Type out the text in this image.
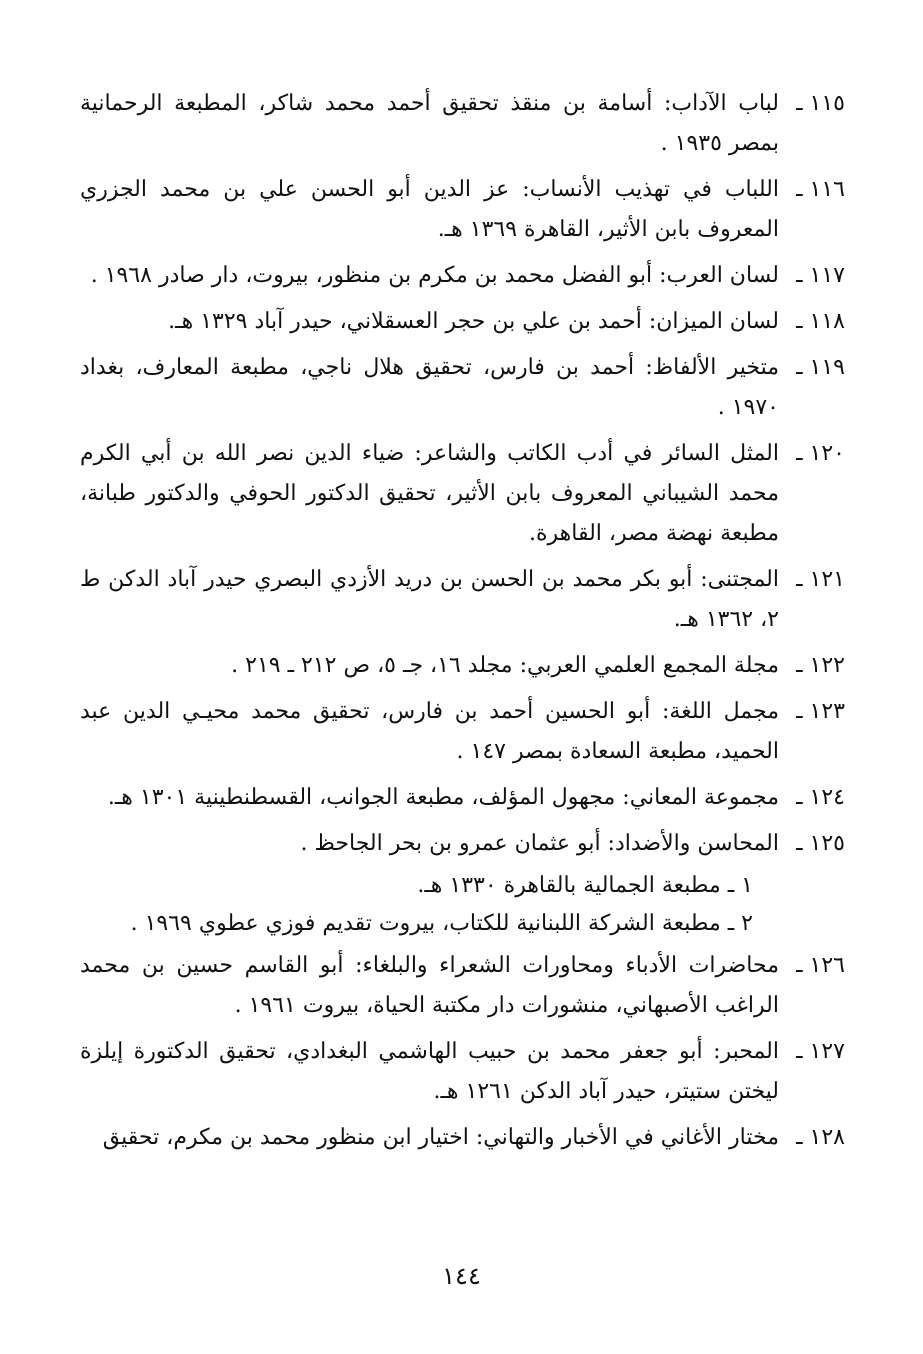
١١٥ ـ
لباب الآداب: أسامة بن منقذ تحقيق أحمد محمد شاكر، المطبعة الرحمانية بمصر ١٩٣٥ .
١١٦ ـ
اللباب في تهذيب الأنساب: عز الدين أبو الحسن علي بن محمد الجزري المعروف بابن الأثير، القاهرة ١٣٦٩ هـ.
١١٧ ـ
لسان العرب: أبو الفضل محمد بن مكرم بن منظور، بيروت، دار صادر ١٩٦٨ .
١١٨ ـ
لسان الميزان: أحمد بن علي بن حجر العسقلاني، حيدر آباد ١٣٢٩ هـ.
١١٩ ـ
متخير الألفاظ: أحمد بن فارس، تحقيق هلال ناجي، مطبعة المعارف، بغداد ١٩٧٠ .
١٢٠ ـ
المثل السائر في أدب الكاتب والشاعر: ضياء الدين نصر الله بن أبي الكرم محمد الشيباني المعروف بابن الأثير، تحقيق الدكتور الحوفي والدكتور طبانة، مطبعة نهضة مصر، القاهرة.
١٢١ ـ
المجتنى: أبو بكر محمد بن الحسن بن دريد الأزدي البصري حيدر آباد الدكن ط ٢، ١٣٦٢ هـ.
١٢٢ ـ
مجلة المجمع العلمي العربي: مجلد ١٦، جـ ٥، ص ٢١٢ ـ ٢١٩ .
١٢٣ ـ
مجمل اللغة: أبو الحسين أحمد بن فارس، تحقيق محمد محيـي الدين عبد الحميد، مطبعة السعادة بمصر ١٤٧ .
١٢٤ ـ
مجموعة المعاني: مجهول المؤلف، مطبعة الجوانب، القسطنطينية ١٣٠١ هـ.
١٢٥ ـ
المحاسن والأضداد: أبو عثمان عمرو بن بحر الجاحظ .
١ ـ مطبعة الجمالية بالقاهرة ١٣٣٠ هـ.
٢ ـ مطبعة الشركة اللبنانية للكتاب، بيروت تقديم فوزي عطوي ١٩٦٩ .
١٢٦ ـ
محاضرات الأدباء ومحاورات الشعراء والبلغاء: أبو القاسم حسين بن محمد الراغب الأصبهاني، منشورات دار مكتبة الحياة، بيروت ١٩٦١ .
١٢٧ ـ
المحبر: أبو جعفر محمد بن حبيب الهاشمي البغدادي، تحقيق الدكتورة إيلزة ليختن ستيتر، حيدر آباد الدكن ١٢٦١ هـ.
١٢٨ ـ
مختار الأغاني في الأخبار والتهاني: اختيار ابن منظور محمد بن مكرم، تحقيق
١٤٤
